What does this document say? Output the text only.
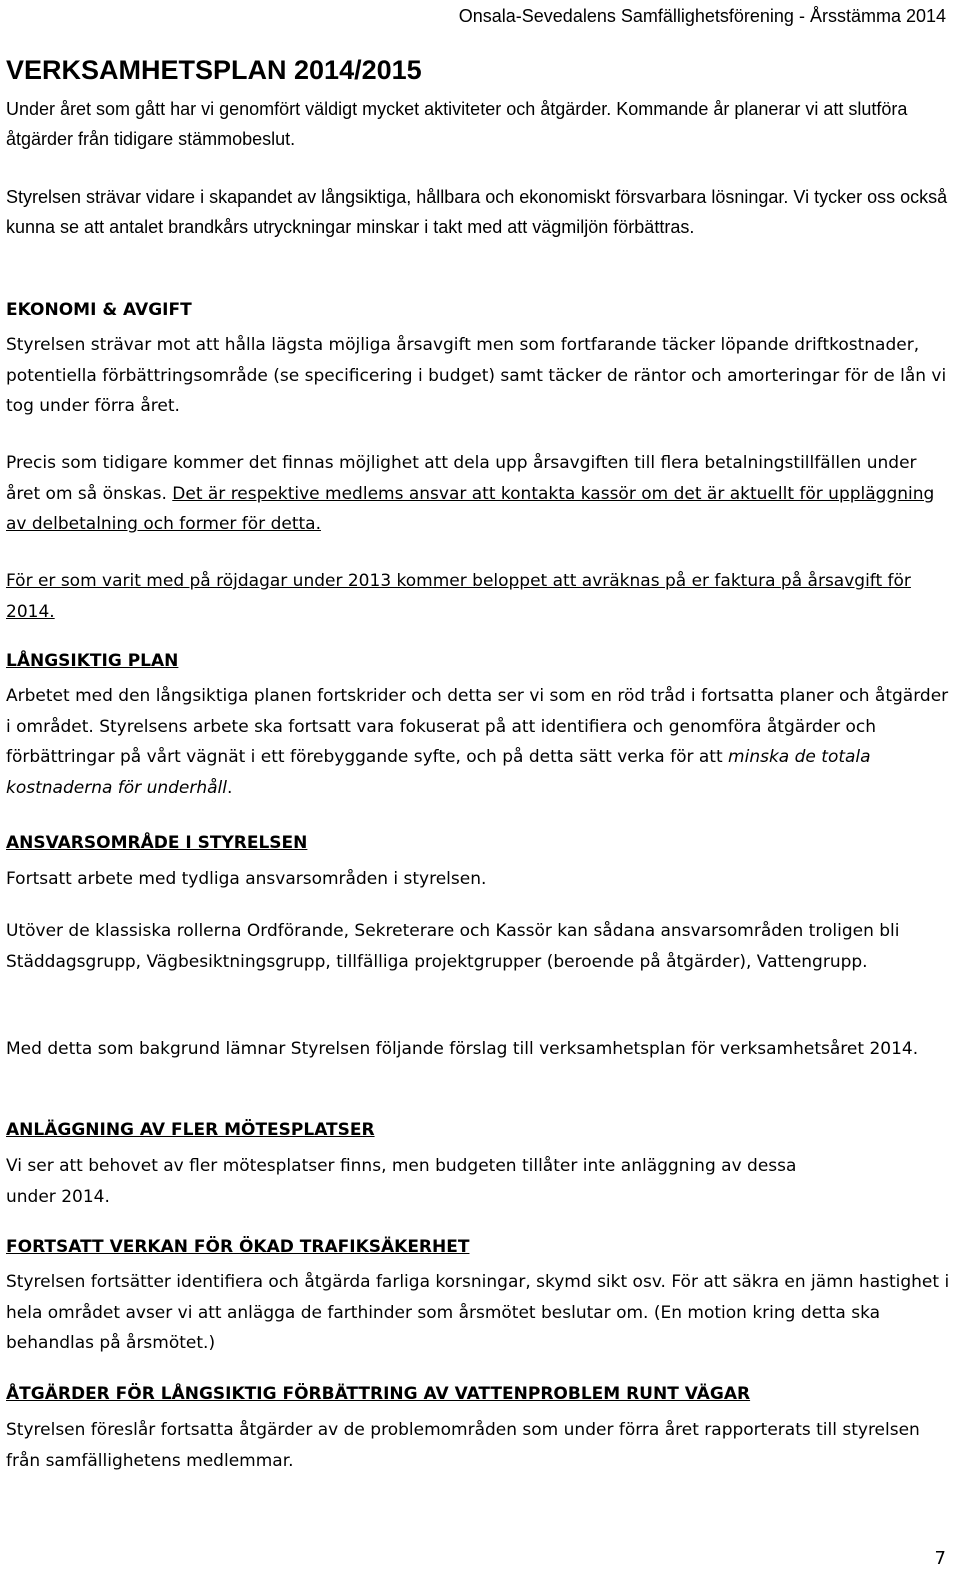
Onsala-Sevedalens Samfällighetsförening - Årsstämma 2014
VERKSAMHETSPLAN 2014/2015

Under året som gått har vi genomfört väldigt mycket aktiviteter och åtgärder. Kommande år planerar vi att slutföra åtgärder från tidigare stämmobeslut.

Styrelsen strävar vidare i skapandet av långsiktiga, hållbara och ekonomiskt försvarbara lösningar. Vi tycker oss också kunna se att antalet brandkårs utryckningar minskar i takt med att vägmiljön förbättras.

EKONOMI & AVGIFT

Styrelsen strävar mot att hålla lägsta möjliga årsavgift men som fortfarande täcker löpande driftkostnader, potentiella förbättringsområde (se specificering i budget) samt täcker de räntor och amorteringar för de lån vi tog under förra året.

Precis som tidigare kommer det finnas möjlighet att dela upp årsavgiften till flera betalningstillfällen under året om så önskas. Det är respektive medlems ansvar att kontakta kassör om det är aktuellt för uppläggning av delbetalning och former för detta.

För er som varit med på röjdagar under 2013 kommer beloppet att avräknas på er faktura på årsavgift för 2014.

LÅNGSIKTIG PLAN

Arbetet med den långsiktiga planen fortskrider och detta ser vi som en röd tråd i fortsatta planer och åtgärder i området. Styrelsens arbete ska fortsatt vara fokuserat på att identifiera och genomföra åtgärder och förbättringar på vårt vägnät i ett förebyggande syfte, och på detta sätt verka för att minska de totala kostnaderna för underhåll.

ANSVARSOMRÅDE I STYRELSEN

Fortsatt arbete med tydliga ansvarsområden i styrelsen.

Utöver de klassiska rollerna Ordförande, Sekreterare och Kassör kan sådana ansvarsområden troligen bli Städdagsgrupp, Vägbesiktningsgrupp, tillfälliga projektgrupper (beroende på åtgärder), Vattengrupp.

Med detta som bakgrund lämnar Styrelsen följande förslag till verksamhetsplan för verksamhetsåret 2014.

ANLÄGGNING AV FLER MÖTESPLATSER

Vi ser att behovet av fler mötesplatser finns, men budgeten tillåter inte anläggning av dessa under 2014.

FORTSATT VERKAN FÖR ÖKAD TRAFIKSÄKERHET

Styrelsen fortsätter identifiera och åtgärda farliga korsningar, skymd sikt osv. För att säkra en jämn hastighet i hela området avser vi att anlägga de farthinder som årsmötet beslutar om. (En motion kring detta ska behandlas på årsmötet.)

ÅTGÄRDER FÖR LÅNGSIKTIG FÖRBÄTTRING AV VATTENPROBLEM RUNT VÄGAR

Styrelsen föreslår fortsatta åtgärder av de problemområden som under förra året rapporterats till styrelsen från samfällighetens medlemmar.

7
